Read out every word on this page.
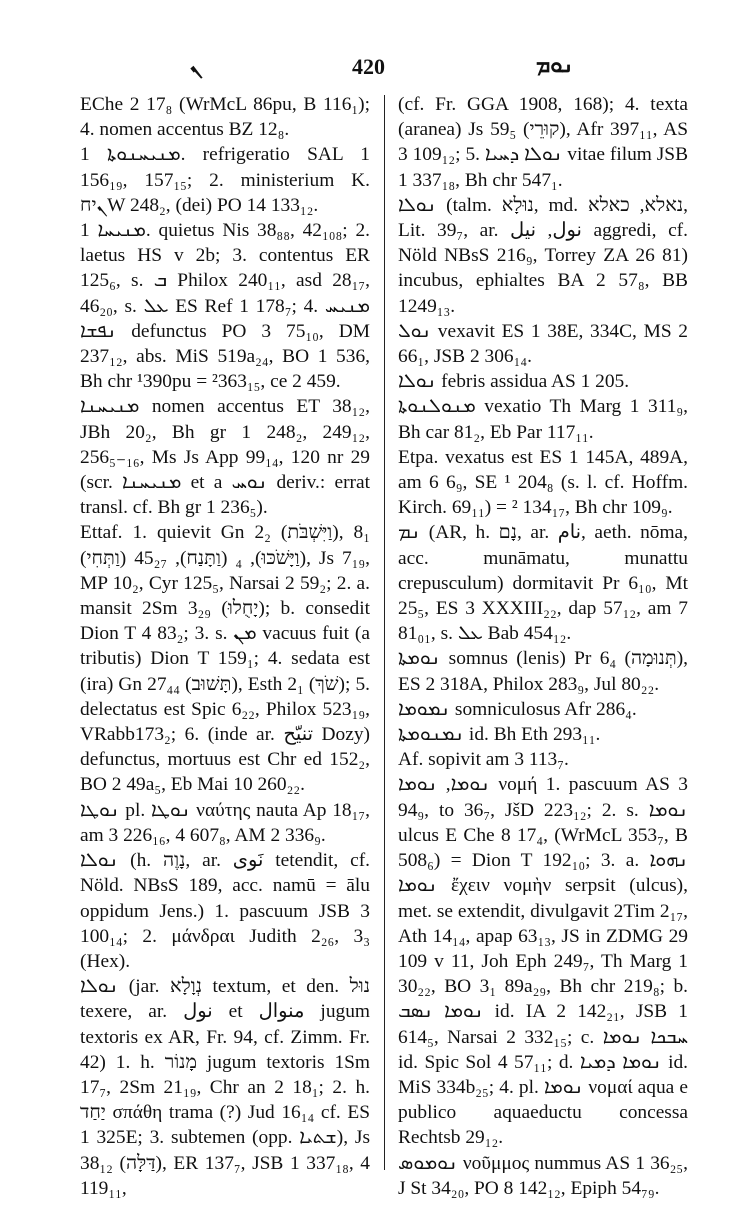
ܢ	420	ܢܘܡ

EChe 2 17₈ (WrMcL 86pu, B 116₁); 4. nomen accentus BZ 12₈.

ܡܢܝܚܢܘܬܐ 1. refrigeratio SAL 1 156₁₉, 157₁₅; 2. ministerium K. ܢיחW 248₂, (dei) PO 14 133₁₂.

ܡܢܝܚܐ 1. quietus Nis 38₈₈, 42₁₀₈; 2. laetus HS v 2b; 3. contentus ER 125₆, s. ܒ Philox 240₁₁, asd 28₁₇, 46₂₀, s. ܥܠ ES Ref 1 178₇; 4. ܡܢܝܚ ܢܦܫܐ defunctus PO 3 75₁₀, DM 237₁₂, abs. MiS 519a₂₄, BO 1 536, Bh chr ¹390pu = ²363₁₅, ce 2 459.

ܡܢܝܚܢܐ nomen accentus ET 38₁₂, JBh 20₂, Bh gr 1 248₂, 249₁₂, 256₅₋₁₆, Ms Js App 99₁₄, 120 nr 29 (scr. ܡܢܝܚܢܐ et a ܢܘܚ deriv.: errat transl. cf. Bh gr 1 236₅).

Ettaf. 1. quievit Gn 2₂ (וַיִּשְׁבֹּת), 8₁ (וַיָּשֹׁכּוּ), ₄ (וַתָּנַח), 45₂₇ (וַתְּחִי), Js 7₁₉, MP 10₂, Cyr 125₅, Narsai 2 59₂; 2. a. mansit 2Sm 3₂₉ (יָחֻלוּ); b. consedit Dion T 4 83₂; 3. s. ܡܢ vacuus fuit (a tributis) Dion T 159₁; 4. sedata est (ira) Gn 27₄₄ (תָּשׁוּב), Esth 2₁ (שֹׁךְ); 5. delectatus est Spic 6₂₂, Philox 523₁₉, VRabb173₂; 6. (inde ar. تنيّح Dozy) defunctus, mortuus est Chr ed 152₂, BO 2 49a₅, Eb Mai 10 260₂₂.

ܢܘܛܐ pl. ܢܘܛܐ ναύτης nauta Ap 18₁₇, am 3 226₁₆, 4 607₈, AM 2 336₉.

ܢܘܠܐ (h. נָוֶה, ar. نَوى tetendit, cf. Nöld. NBsS 189, acc. namū = ālu oppidum Jens.) 1. pascuum JSB 3 100₁₄; 2. μάνδραι Judith 2₂₆, 3₃ (Hex).

ܢܘܠܐ (jar. נְוָלָא textum, et den. נוּל texere, ar. نول et منوال jugum textoris ex AR, Fr. 94, cf. Zimm. Fr. 42) 1. h. מָנוֹר jugum textoris 1Sm 17₇, 2Sm 21₁₉, Chr an 2 18₁; 2. h. יַחַד σπάθη trama (?) Jud 16₁₄ cf. ES 1 325E; 3. subtemen (opp. ܫܬܝܐ), Js 38₁₂ (דַּלָּה), ER 137₇, JSB 1 337₁₈, 4 119₁₁,

(cf. Fr. GGA 1908, 168); 4. texta (aranea) Js 59₅ (קוּרֵי), Afr 397₁₁, AS 3 109₁₂; 5. ܢܘܠܐ ܕܚܝܐ vitae filum JSB 1 337₁₈, Bh chr 547₁.

ܢܘܠܐ (talm. נוּלָא, md. נאלא, כאלא, Lit. 39₇, ar. نول, نيل aggredi, cf. Nöld NBsS 216₉, Torrey ZA 26 81) incubus, ephialtes BA 2 57₈, BB 1249₁₃.

ܢܘܠ vexavit ES 1 38E, 334C, MS 2 66₁, JSB 2 306₁₄.

ܢܘܠܐ febris assidua AS 1 205.

ܡܢܘܠܢܘܬܐ vexatio Th Marg 1 311₉, Bh car 81₂, Eb Par 117₁₁.

Etpa. vexatus est ES 1 145A, 489A, am 6 6₉, SE ¹ 204₈ (s. l. cf. Hoffm. Kirch. 69₁₁) = ² 134₁₇, Bh chr 109₉.

ܢܡ (AR, h. נָם, ar. نام, aeth. nōma, acc. munāmatu, munattu crepusculum) dormitavit Pr 6₁₀, Mt 25₅, ES 3 XXXIII₂₂, dap 57₁₂, am 7 81₀₁, s. ܥܠ Bab 454₁₂.

ܢܘܡܬܐ somnus (lenis) Pr 6₄ (תְּנוּמָה), ES 2 318A, Philox 283₉, Jul 80₂₂.

ܢܡܘܡܐ somniculosus Afr 286₄.

ܢܡܢܘܡܬܐ id. Bh Eth 293₁₁.

Af. sopivit am 3 113₇.

ܢܘܡܐ, ܢܘܡܐ νομή 1. pascuum AS 3 94₉, to 36₇, JšD 223₁₂; 2. s. ܢܘܡܐ ulcus E Che 8 17₄, (WrMcL 353₇, B 508₆) = Dion T 192₁₀; 3. a. ܢܗܘܐ ܢܘܡܐ ἔχειν νομὴν serpsit (ulcus), met. se extendit, divulgavit 2Tim 2₁₇, Ath 14₁₄, apap 63₁₃, JS in ZDMG 29 109 v 11, Joh Eph 249₇, Th Marg 1 30₂₂, BO 3₁ 89a₂₉, Bh chr 219₈; b. ܢܘܡܐ ܢܣܒ id. IA 2 142₂₁, JSB 1 614₅, Narsai 2 332₁₅; c. ܚܒܟܐ ܢܘܡܐ id. Spic Sol 4 57₁₁; d. ܢܘܡܐ ܕܡܝܐ id. MiS 334b₂₅; 4. pl. ܢܘܡܐ νομαί aqua e publico aquaeductu concessa Rechtsb 29₁₂.

ܢܘܡܘܣ νοῦμμος nummus AS 1 36₂₅, J St 34₂₀, PO 8 142₁₂, Epiph 54₇₉.
